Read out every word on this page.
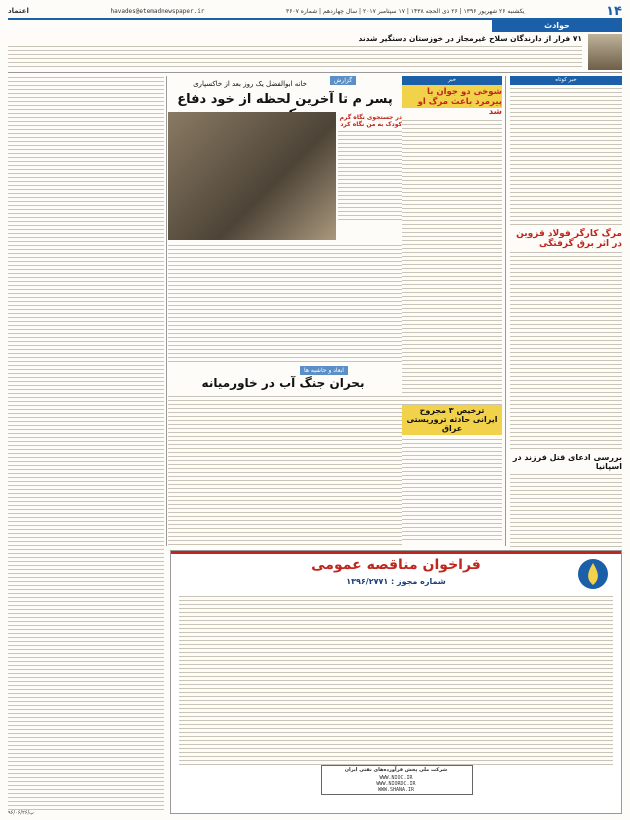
۱۴
یکشنبه ۲۶ شهریور ۱۳۹۶ | ۲۶ ذی الحجه ۱۴۳۸ | ۱۷ سپتامبر ۲۰۱۷ | سال چهاردهم | شماره ۳۶۰۷
havades@etemadnewspaper.ir
اعتماد
حوادث
۷۱ فرار از دارندگان سلاح غیرمجاز در خوزستان دستگیر شدند
خبر کوتاه
مرگ کارگر فولاد قزوین در اثر برق گرفتگی
بررسی ادعای قتل فرزند در اسپانیا
خبر
شوخی دو جوان با پیرمرد باعث مرگ او شد
ترخیص ۳ مجروح ایرانی حادثه تروریستی عراق
گزارش
خانه ابوالفضل یک روز بعد از خاکسپاری
پسر م تا آخرین لحظه از خود دفاع
در جستجوی نگاه گرم کودک به من نگاه کرد
ابعاد و حاشیه ها
بحران جنگ آب در خاورمیانه
فراخوان مناقصه عمومی
شماره مجوز : ۱۳۹۶/۲۷۷۱
شرکت ملی پخش فرآورده‌های نفتی ایران
WWW.NIOC.IR
WWW.NIORDC.IR
WWW.SHANA.IR
پ/۹۶/۰۶/۲۶
